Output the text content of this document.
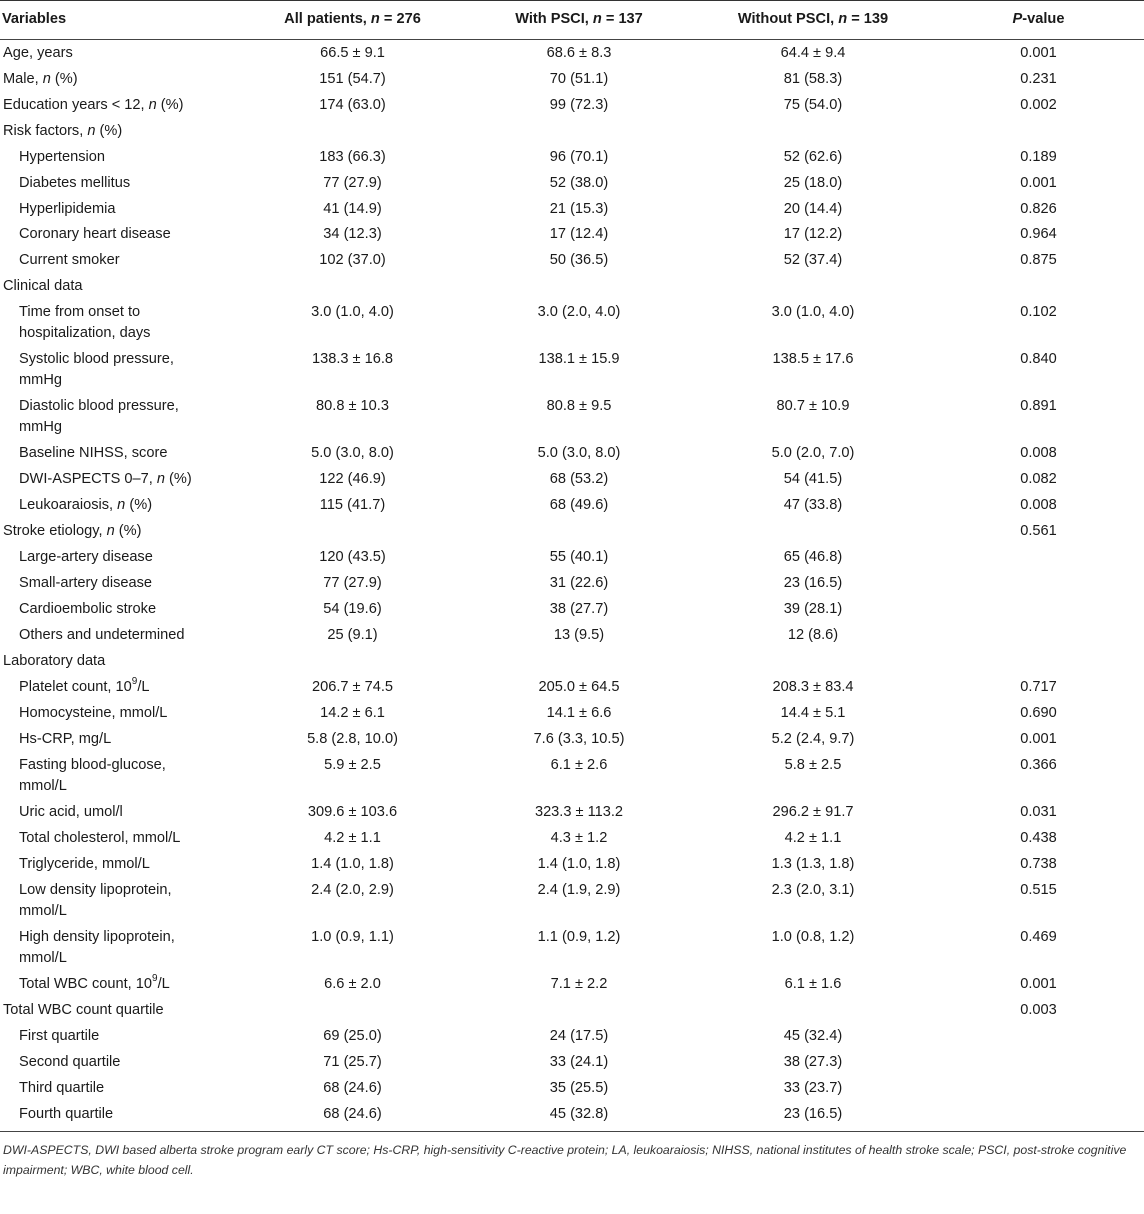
Variables	All patients, n = 276	With PSCI, n = 137	Without PSCI, n = 139	P-value
Age, years	66.5 ± 9.1	68.6 ± 8.3	64.4 ± 9.4	0.001
Male, n (%)	151 (54.7)	70 (51.1)	81 (58.3)	0.231
Education years < 12, n (%)	174 (63.0)	99 (72.3)	75 (54.0)	0.002
Risk factors, n (%)				
Hypertension	183 (66.3)	96 (70.1)	52 (62.6)	0.189
Diabetes mellitus	77 (27.9)	52 (38.0)	25 (18.0)	0.001
Hyperlipidemia	41 (14.9)	21 (15.3)	20 (14.4)	0.826
Coronary heart disease	34 (12.3)	17 (12.4)	17 (12.2)	0.964
Current smoker	102 (37.0)	50 (36.5)	52 (37.4)	0.875
Clinical data				
Time from onset to
hospitalization, days	3.0 (1.0, 4.0)	3.0 (2.0, 4.0)	3.0 (1.0, 4.0)	0.102
Systolic blood pressure,
mmHg	138.3 ± 16.8	138.1 ± 15.9	138.5 ± 17.6	0.840
Diastolic blood pressure,
mmHg	80.8 ± 10.3	80.8 ± 9.5	80.7 ± 10.9	0.891
Baseline NIHSS, score	5.0 (3.0, 8.0)	5.0 (3.0, 8.0)	5.0 (2.0, 7.0)	0.008
DWI-ASPECTS 0–7, n (%)	122 (46.9)	68 (53.2)	54 (41.5)	0.082
Leukoaraiosis, n (%)	115 (41.7)	68 (49.6)	47 (33.8)	0.008
Stroke etiology, n (%)				0.561
Large-artery disease	120 (43.5)	55 (40.1)	65 (46.8)	
Small-artery disease	77 (27.9)	31 (22.6)	23 (16.5)	
Cardioembolic stroke	54 (19.6)	38 (27.7)	39 (28.1)	
Others and undetermined	25 (9.1)	13 (9.5)	12 (8.6)	
Laboratory data				
Platelet count, $10^9/L$	206.7 ± 74.5	205.0 ± 64.5	208.3 ± 83.4	0.717
Homocysteine, mmol/L	14.2 ± 6.1	14.1 ± 6.6	14.4 ± 5.1	0.690
Hs-CRP, mg/L	5.8 (2.8, 10.0)	7.6 (3.3, 10.5)	5.2 (2.4, 9.7)	0.001
Fasting blood-glucose,
mmol/L	5.9 ± 2.5	6.1 ± 2.6	5.8 ± 2.5	0.366
Uric acid, umol/l	309.6 ± 103.6	323.3 ± 113.2	296.2 ± 91.7	0.031
Total cholesterol, mmol/L	4.2 ± 1.1	4.3 ± 1.2	4.2 ± 1.1	0.438
Triglyceride, mmol/L	1.4 (1.0, 1.8)	1.4 (1.0, 1.8)	1.3 (1.3, 1.8)	0.738
Low density lipoprotein,
mmol/L	2.4 (2.0, 2.9)	2.4 (1.9, 2.9)	2.3 (2.0, 3.1)	0.515
High density lipoprotein,
mmol/L	1.0 (0.9, 1.1)	1.1 (0.9, 1.2)	1.0 (0.8, 1.2)	0.469
Total WBC count, $10^9/L$	6.6 ± 2.0	7.1 ± 2.2	6.1 ± 1.6	0.001
Total WBC count quartile				0.003
First quartile	69 (25.0)	24 (17.5)	45 (32.4)	
Second quartile	71 (25.7)	33 (24.1)	38 (27.3)	
Third quartile	68 (24.6)	35 (25.5)	33 (23.7)	
Fourth quartile	68 (24.6)	45 (32.8)	23 (16.5)	
DWI-ASPECTS, DWI based alberta stroke program early CT score; Hs-CRP, high-sensitivity C-reactive protein; LA, leukoaraiosis; NIHSS, national institutes of health stroke scale; PSCI, post-stroke cognitive impairment; WBC, white blood cell.
